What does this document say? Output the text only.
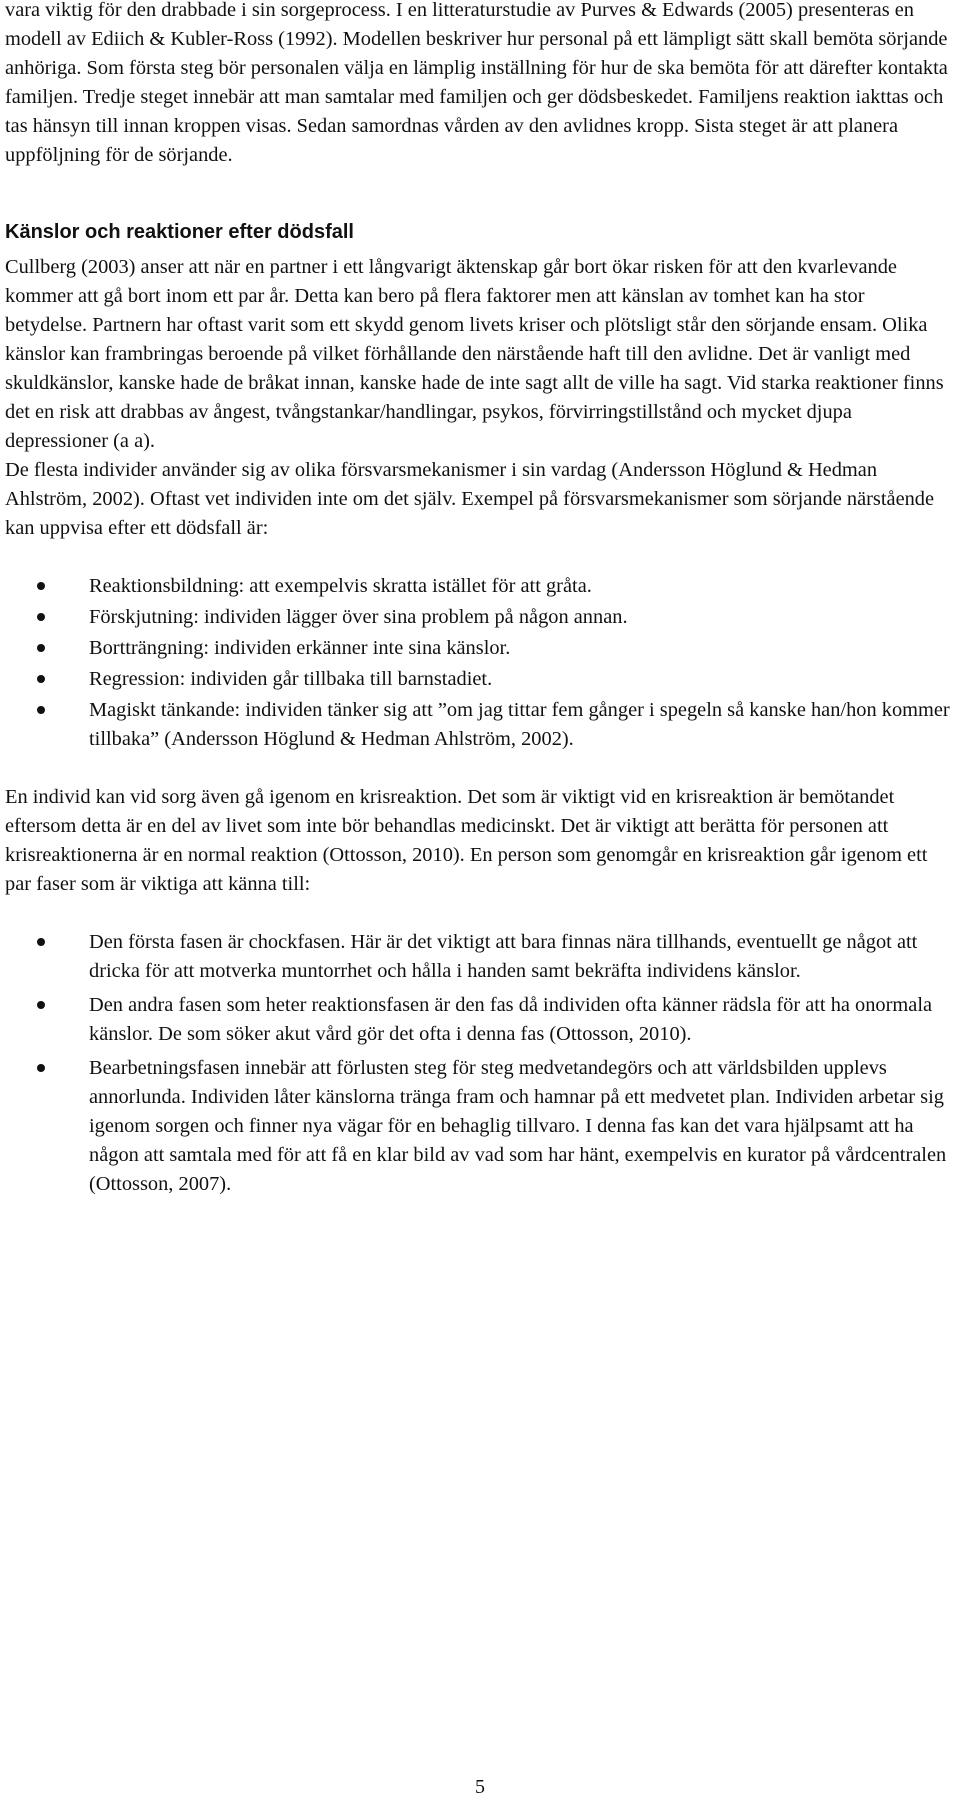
vara viktig för den drabbade i sin sorgeprocess. I en litteraturstudie av Purves & Edwards (2005) presenteras en modell av Ediich & Kubler-Ross (1992). Modellen beskriver hur personal på ett lämpligt sätt skall bemöta sörjande anhöriga. Som första steg bör personalen välja en lämplig inställning för hur de ska bemöta för att därefter kontakta familjen. Tredje steget innebär att man samtalar med familjen och ger dödsbeskedet. Familjens reaktion iakttas och tas hänsyn till innan kroppen visas. Sedan samordnas vården av den avlidnes kropp. Sista steget är att planera uppföljning för de sörjande.

Känslor och reaktioner efter dödsfall

Cullberg (2003) anser att när en partner i ett långvarigt äktenskap går bort ökar risken för att den kvarlevande kommer att gå bort inom ett par år. Detta kan bero på flera faktorer men att känslan av tomhet kan ha stor betydelse. Partnern har oftast varit som ett skydd genom livets kriser och plötsligt står den sörjande ensam. Olika känslor kan frambringas beroende på vilket förhållande den närstående haft till den avlidne. Det är vanligt med skuldkänslor, kanske hade de bråkat innan, kanske hade de inte sagt allt de ville ha sagt. Vid starka reaktioner finns det en risk att drabbas av ångest, tvångstankar/handlingar, psykos, förvirringstillstånd och mycket djupa depressioner (a a).

De flesta individer använder sig av olika försvarsmekanismer i sin vardag (Andersson Höglund & Hedman Ahlström, 2002). Oftast vet individen inte om det själv. Exempel på försvarsmekanismer som sörjande närstående kan uppvisa efter ett dödsfall är:

Reaktionsbildning: att exempelvis skratta istället för att gråta.
Förskjutning: individen lägger över sina problem på någon annan.
Bortträngning: individen erkänner inte sina känslor.
Regression: individen går tillbaka till barnstadiet.
Magiskt tänkande: individen tänker sig att ”om jag tittar fem gånger i spegeln så kanske han/hon kommer tillbaka” (Andersson Höglund & Hedman Ahlström, 2002).

En individ kan vid sorg även gå igenom en krisreaktion. Det som är viktigt vid en krisreaktion är bemötandet eftersom detta är en del av livet som inte bör behandlas medicinskt. Det är viktigt att berätta för personen att krisreaktionerna är en normal reaktion (Ottosson, 2010). En person som genomgår en krisreaktion går igenom ett par faser som är viktiga att känna till:

Den första fasen är chockfasen. Här är det viktigt att bara finnas nära tillhands, eventuellt ge något att dricka för att motverka muntorrhet och hålla i handen samt bekräfta individens känslor.
Den andra fasen som heter reaktionsfasen är den fas då individen ofta känner rädsla för att ha onormala känslor. De som söker akut vård gör det ofta i denna fas (Ottosson, 2010).
Bearbetningsfasen innebär att förlusten steg för steg medvetandegörs och att världsbilden upplevs annorlunda. Individen låter känslorna tränga fram och hamnar på ett medvetet plan. Individen arbetar sig igenom sorgen och finner nya vägar för en behaglig tillvaro. I denna fas kan det vara hjälpsamt att ha någon att samtala med för att få en klar bild av vad som har hänt, exempelvis en kurator på vårdcentralen (Ottosson, 2007).
5
